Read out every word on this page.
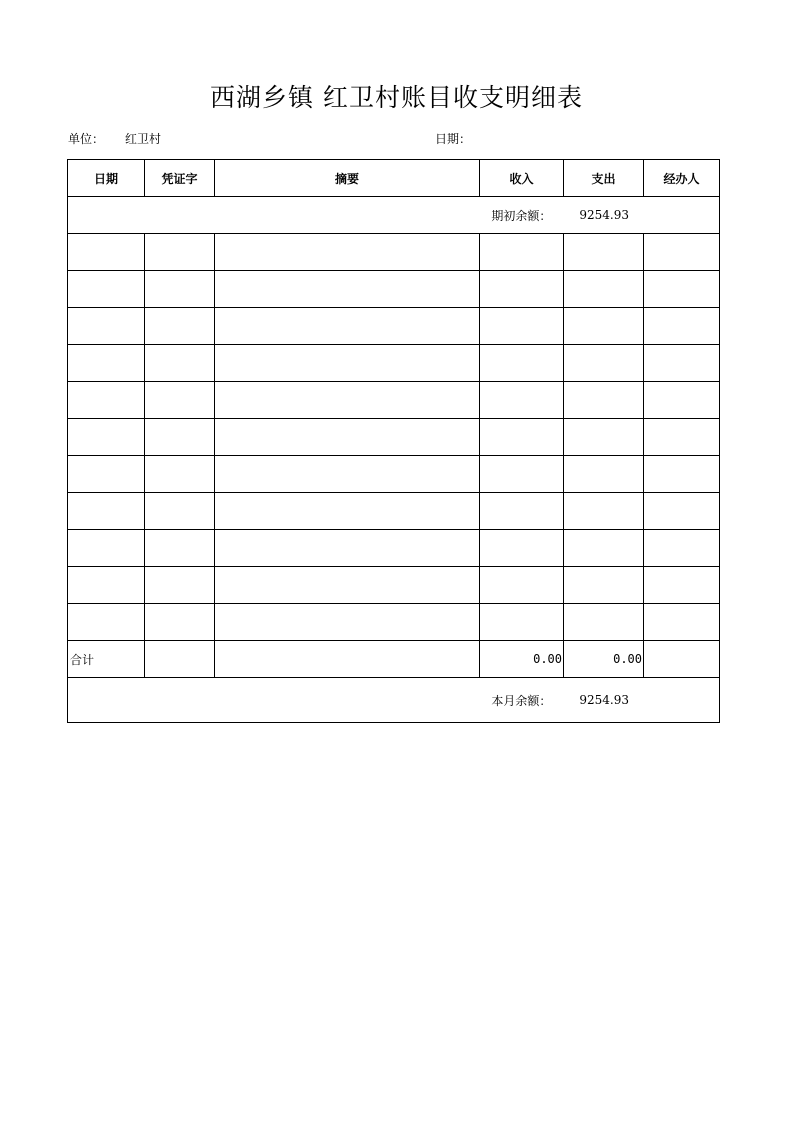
西湖乡镇 红卫村账目收支明细表
单位： 红卫村	日期：
日期	凭证字	摘要	收入	支出	经办人

期初余额： 9254.93					

合计			0.00	0.00	

本月余额： 9254.93					
